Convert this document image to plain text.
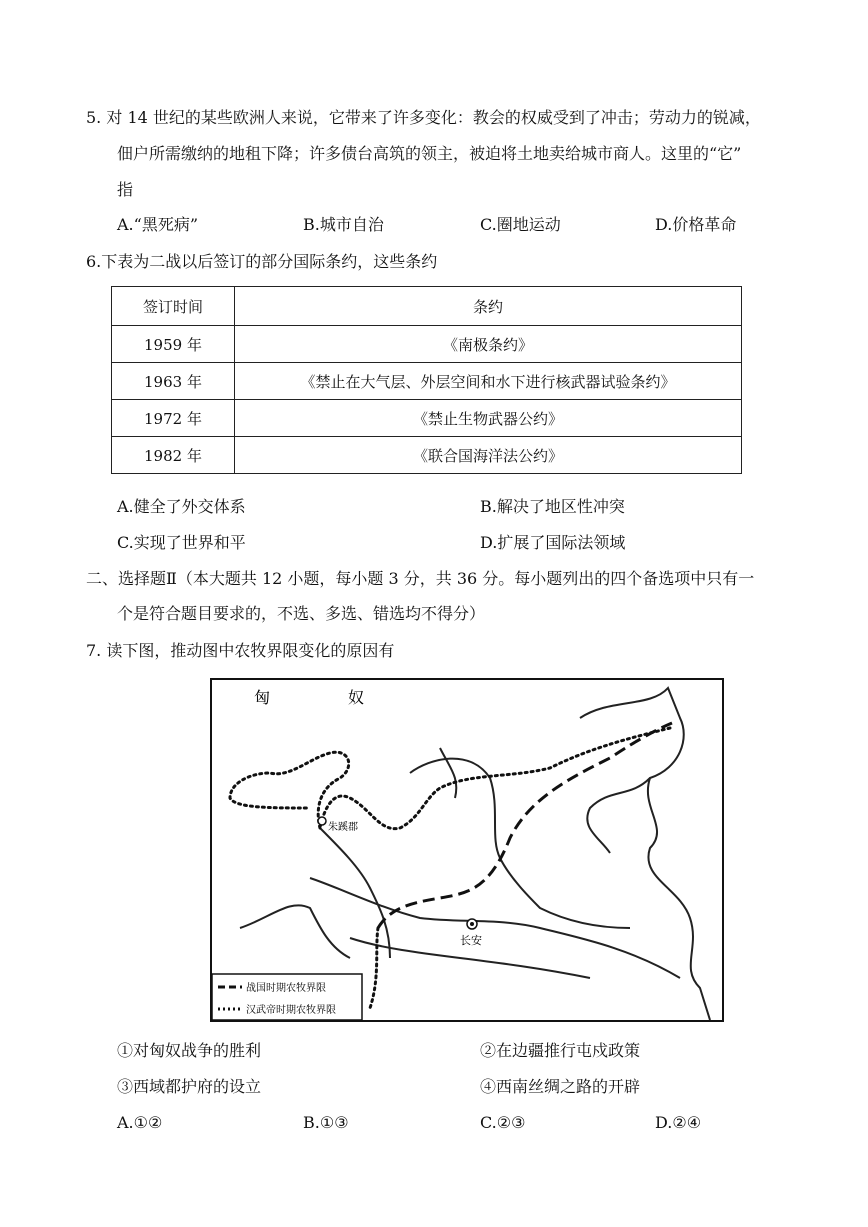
5. 对 14 世纪的某些欧洲人来说，它带来了许多变化：教会的权威受到了冲击；劳动力的锐减，
佃户所需缴纳的地租下降；许多债台高筑的领主，被迫将土地卖给城市商人。这里的“它”
指
A.“黑死病”	B.城市自治	C.圈地运动	D.价格革命
6.下表为二战以后签订的部分国际条约，这些条约
签订时间	条约
1959 年	《南极条约》
1963 年	《禁止在大气层、外层空间和水下进行核武器试验条约》
1972 年	《禁止生物武器公约》
1982 年	《联合国海洋法公约》
A.健全了外交体系	B.解决了地区性冲突
C.实现了世界和平	D.扩展了国际法领域
二、选择题Ⅱ（本大题共 12 小题，每小题 3 分，共 36 分。每小题列出的四个备选项中只有一
个是符合题目要求的，不选、多选、错选均不得分）
7. 读下图，推动图中农牧界限变化的原因有
匈	奴
朱蹊郡
长安
战国时期农牧界限
汉武帝时期农牧界限
①对匈奴战争的胜利	②在边疆推行屯戍政策
③西域都护府的设立	④西南丝绸之路的开辟
A.①②	B.①③	C.②③	D.②④
